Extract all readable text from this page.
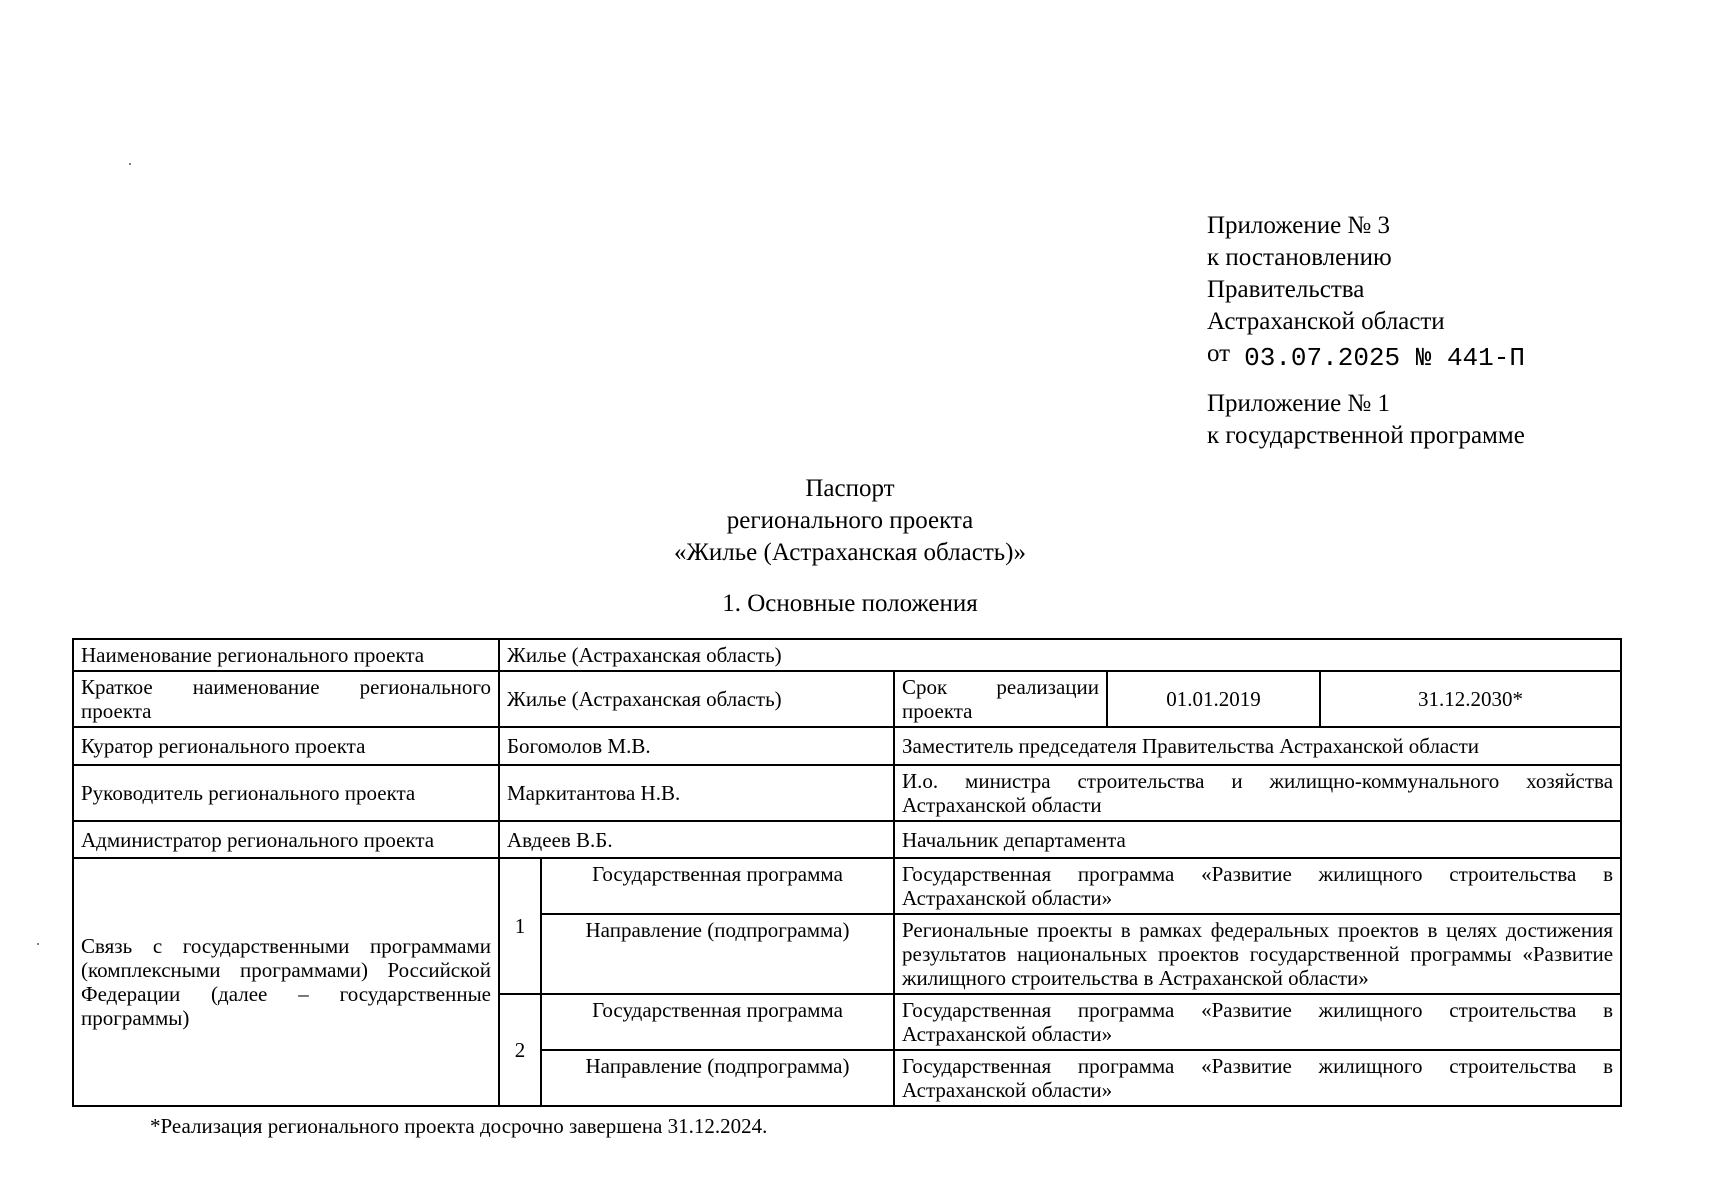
Приложение № 3
к постановлению
Правительства
Астраханской области
от 03.07.2025 № 441-П
Приложение № 1
к государственной программе
Паспорт
регионального проекта
«Жилье (Астраханская область)»
1. Основные положения
Наименование регионального проекта	Жилье (Астраханская область)				
Краткое наименование регионального проекта	Жилье (Астраханская область)		Срок реализации проекта	01.01.2019	31.12.2030*
Куратор регионального проекта	Богомолов М.В.		Заместитель председателя Правительства Астраханской области		
Руководитель регионального проекта	Маркитантова Н.В.		И.о. министра строительства и жилищно-коммунального хозяйства Астраханской области		
Администратор регионального проекта	Авдеев В.Б.		Начальник департамента		
Связь с государственными программами (комплексными программами) Российской Федерации (далее – государственные программы)	1	Государственная программа	Государственная программа «Развитие жилищного строительства в Астраханской области»		
		Направление (подпрограмма)	Региональные проекты в рамках федеральных проектов в целях достижения результатов национальных проектов государственной программы «Развитие жилищного строительства в Астраханской области»		
	2	Государственная программа	Государственная программа «Развитие жилищного строительства в Астраханской области»		
		Направление (подпрограмма)	Государственная программа «Развитие жилищного строительства в Астраханской области»		
*Реализация регионального проекта досрочно завершена 31.12.2024.
